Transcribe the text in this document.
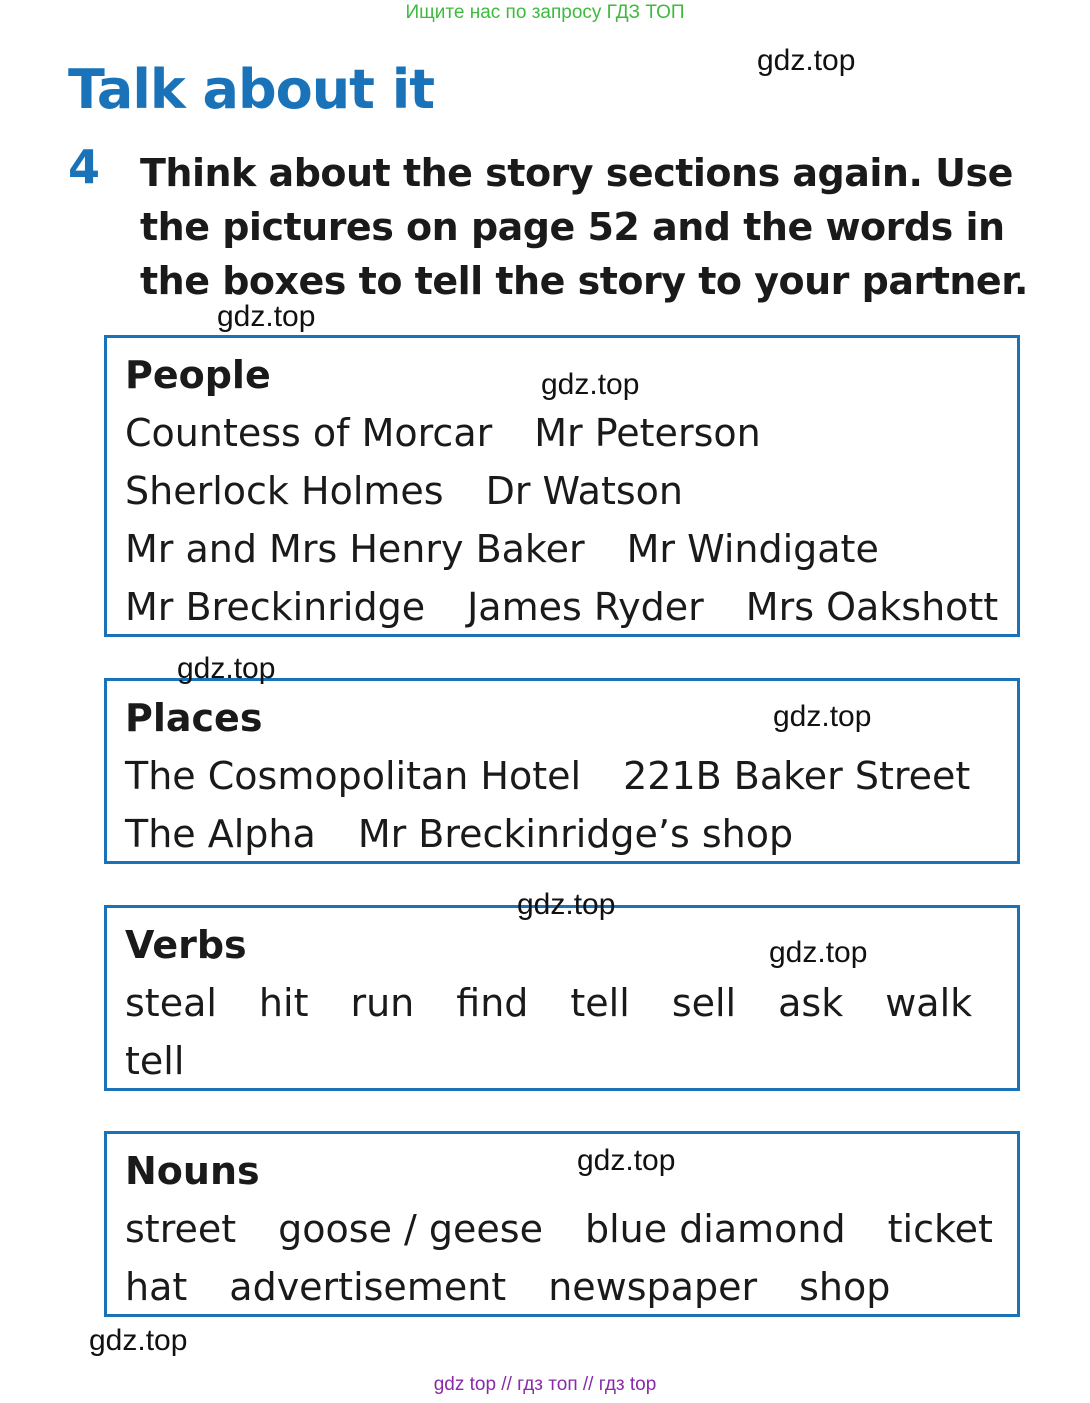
Ищите нас по запросу ГДЗ ТОП
Talk about it
4 Think about the story sections again. Use the pictures on page 52 and the words in the boxes to tell the story to your partner.

People
Countess of Morcar Mr Peterson
Sherlock Holmes Dr Watson
Mr and Mrs Henry Baker Mr Windigate
Mr Breckinridge James Ryder Mrs Oakshott
Places
The Cosmopolitan Hotel 221B Baker Street
The Alpha Mr Breckinridge’s shop
Verbs
steal hit run find tell sell ask walk
tell
Nouns
street goose / geese blue diamond ticket
hat advertisement newspaper shop
gdz.top
gdz.top
gdz.top
gdz.top
gdz.top
gdz.top
gdz.top
gdz.top
gdz.top
gdz top // гдз топ // гдз top
